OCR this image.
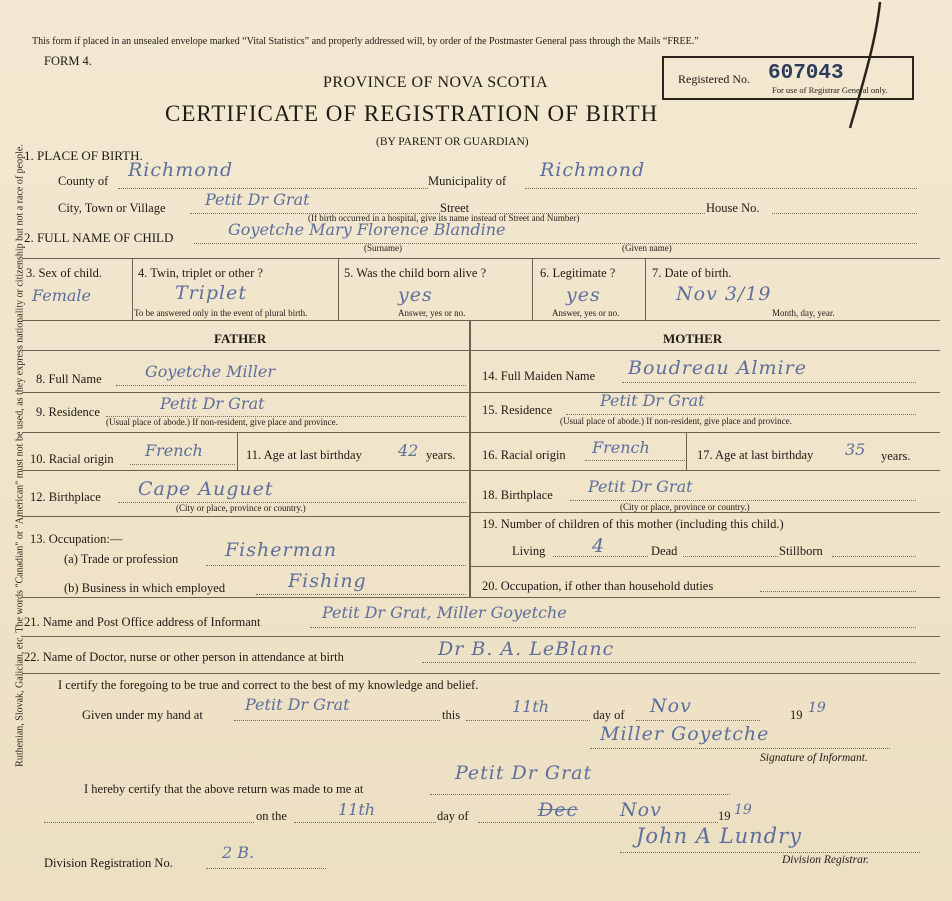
Ruthenian, Slovak, Galician, etc. The words "Canadian" or "American" must not be used, as they express nationality or citizenship but not a race of people.
This form if placed in an unsealed envelope marked “Vital Statistics” and properly addressed will, by order of the Postmaster General pass through the Mails “FREE.”
FORM 4.
PROVINCE OF NOVA SCOTIA
CERTIFICATE OF REGISTRATION OF BIRTH
(BY PARENT OR GUARDIAN)
Registered No. 607043
For use of Registrar General only.
1. PLACE OF BIRTH.
County of Richmond	Municipality of Richmond
City, Town or Village Petit Dr Grat	Street	House No.
(If birth occurred in a hospital, give its name instead of Street and Number)
2. FULL NAME OF CHILD	Goyetche Mary Florence Blandine
(Surname)	(Given name)
3. Sex of child.
Female
4. Twin, triplet or other ?
Triplet
To be answered only in the event of plural birth.
5. Was the child born alive ?
yes
Answer, yes or no.
6. Legitimate ?
yes
Answer, yes or no.
7. Date of birth.
Nov 3/19
Month, day, year.
FATHER	MOTHER
8. Full Name	Goyetche Miller
9. Residence	Petit Dr Grat
(Usual place of abode.) If non-resident, give place and province.
10. Racial origin French	11. Age at last birthday 42 years.
12. Birthplace Cape Auguet
(City or place, province or country.)
13. Occupation:—
(a) Trade or profession Fisherman
(b) Business in which employed	Fishing
14. Full Maiden Name Boudreau Almire
15. Residence	Petit Dr Grat
(Usual place of abode.) If non-resident, give place and province.
16. Racial origin French	17. Age at last birthday 35 years.
18. Birthplace Petit Dr Grat
(City or place, province or country.)
19. Number of children of this mother (including this child.)
Living 4	Dead	Stillborn
20. Occupation, if other than household duties
21. Name and Post Office address of Informant	Petit Dr Grat, Miller Goyetche
22. Name of Doctor, nurse or other person in attendance at birth	Dr B. A. LeBlanc
I certify the foregoing to be true and correct to the best of my knowledge and belief.
Given under my hand at
Petit Dr Grat
this	11th	day of Nov	19 19
Miller Goyetche
Signature of Informant.
I hereby certify that the above return was made to me at
Petit Dr Grat
on the	11th	day of	Dec Nov	19 19
Division Registration No.
2 B.
John A Lundry
Division Registrar.
